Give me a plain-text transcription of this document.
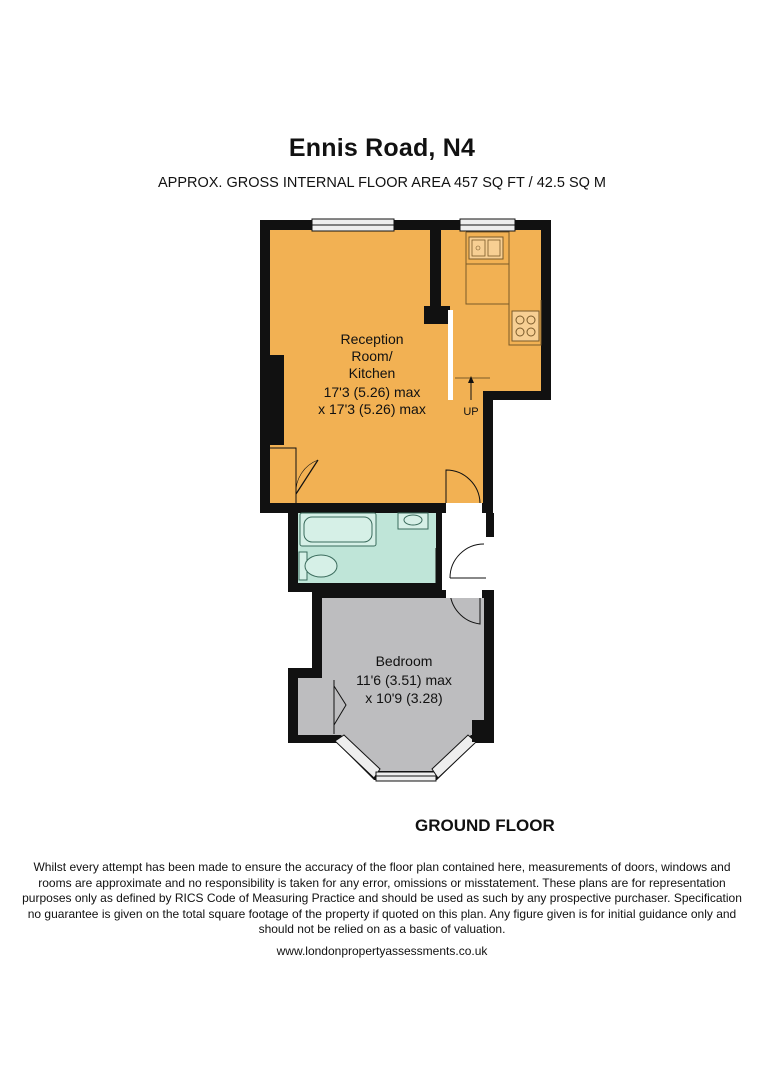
Ennis Road, N4
APPROX. GROSS INTERNAL FLOOR AREA 457 SQ FT / 42.5 SQ M
Reception
Room/
Kitchen
17'3 (5.26) max
x 17'3 (5.26) max	UP
Bedroom
11'6 (3.51) max
x 10'9 (3.28)
GROUND FLOOR
Whilst every attempt has been made to ensure the accuracy of the floor plan contained here, measurements of doors, windows and rooms are approximate and no responsibility is taken for any error, omissions or misstatement. These plans are for representation purposes only as defined by RICS Code of Measuring Practice and should be used as such by any prospective purchaser. Specification no guarantee is given on the total square footage of the property if quoted on this plan. Any figure given is for initial guidance only and should not be relied on as a basic of valuation.
www.londonpropertyassessments.co.uk
